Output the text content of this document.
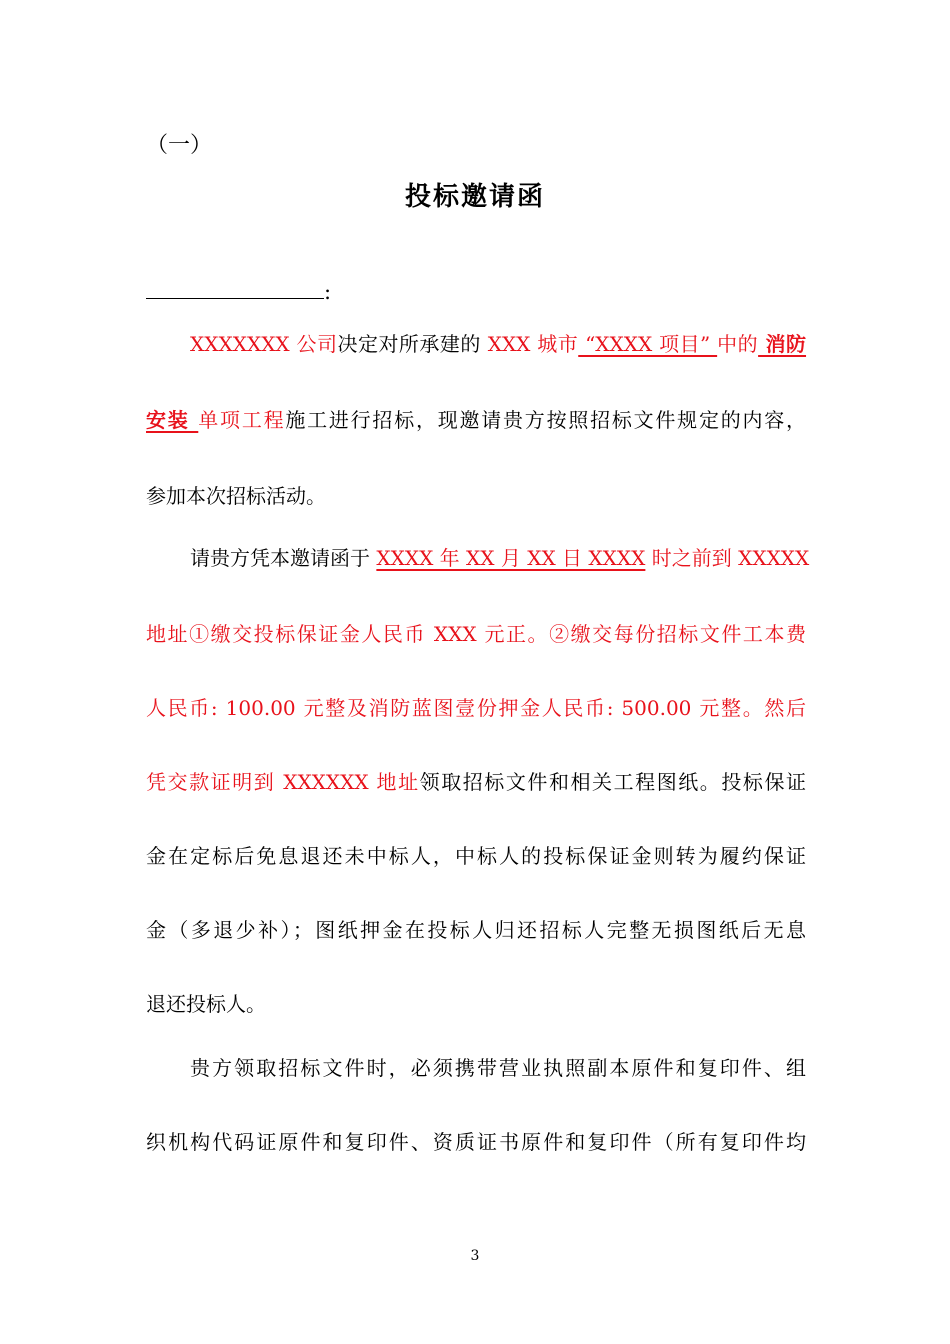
（一）
投标邀请函
:
XXXXXXX 公司决定对所承建的 XXX 城市 “XXXX 项目” 中的 消防
安装 单项工程施工进行招标，现邀请贵方按照招标文件规定的内容，
参加本次招标活动。
请贵方凭本邀请函于 XXXX 年 XX 月 XX 日 XXXX 时之前到 XXXXX
地址①缴交投标保证金人民币 XXX 元正。②缴交每份招标文件工本费
人民币: 100.00 元整及消防蓝图壹份押金人民币: 500.00 元整。然后
凭交款证明到 XXXXXX 地址领取招标文件和相关工程图纸。投标保证
金在定标后免息退还未中标人，中标人的投标保证金则转为履约保证
金（多退少补）；图纸押金在投标人归还招标人完整无损图纸后无息
退还投标人。
贵方领取招标文件时，必须携带营业执照副本原件和复印件、组
织机构代码证原件和复印件、资质证书原件和复印件（所有复印件均
3
